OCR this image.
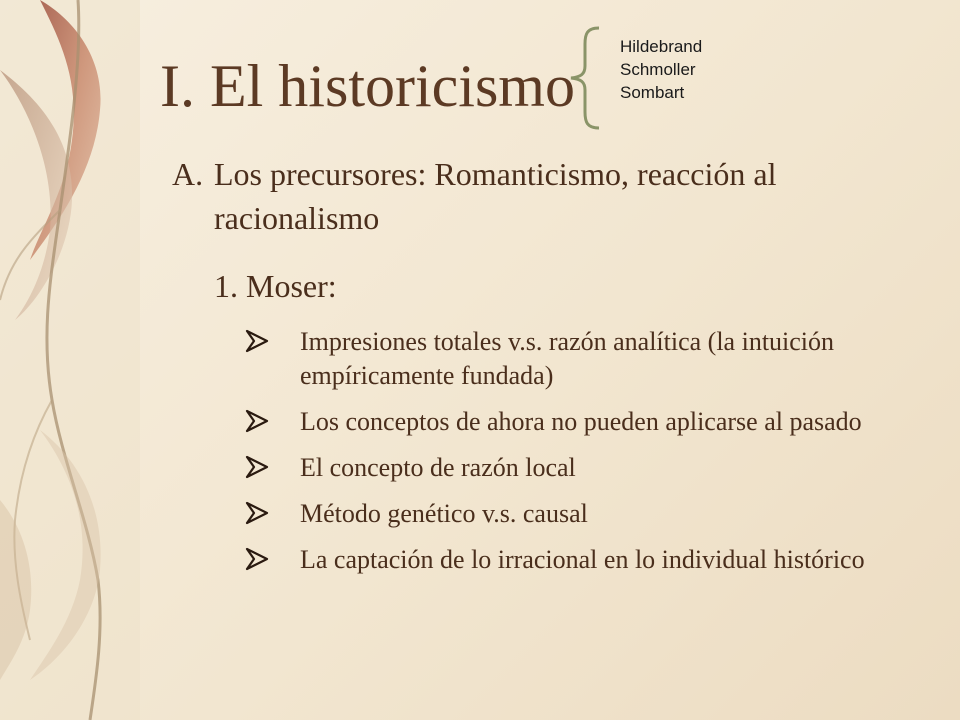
I. El historicismo
Hildebrand
Schmoller
Sombart
A. Los precursores: Romanticismo, reacción al racionalismo
1. Moser:
Impresiones totales v.s. razón analítica (la intuición empíricamente fundada)
Los conceptos de ahora no pueden aplicarse al pasado
El concepto de razón local
Método genético v.s. causal
La captación de lo irracional en lo individual histórico
